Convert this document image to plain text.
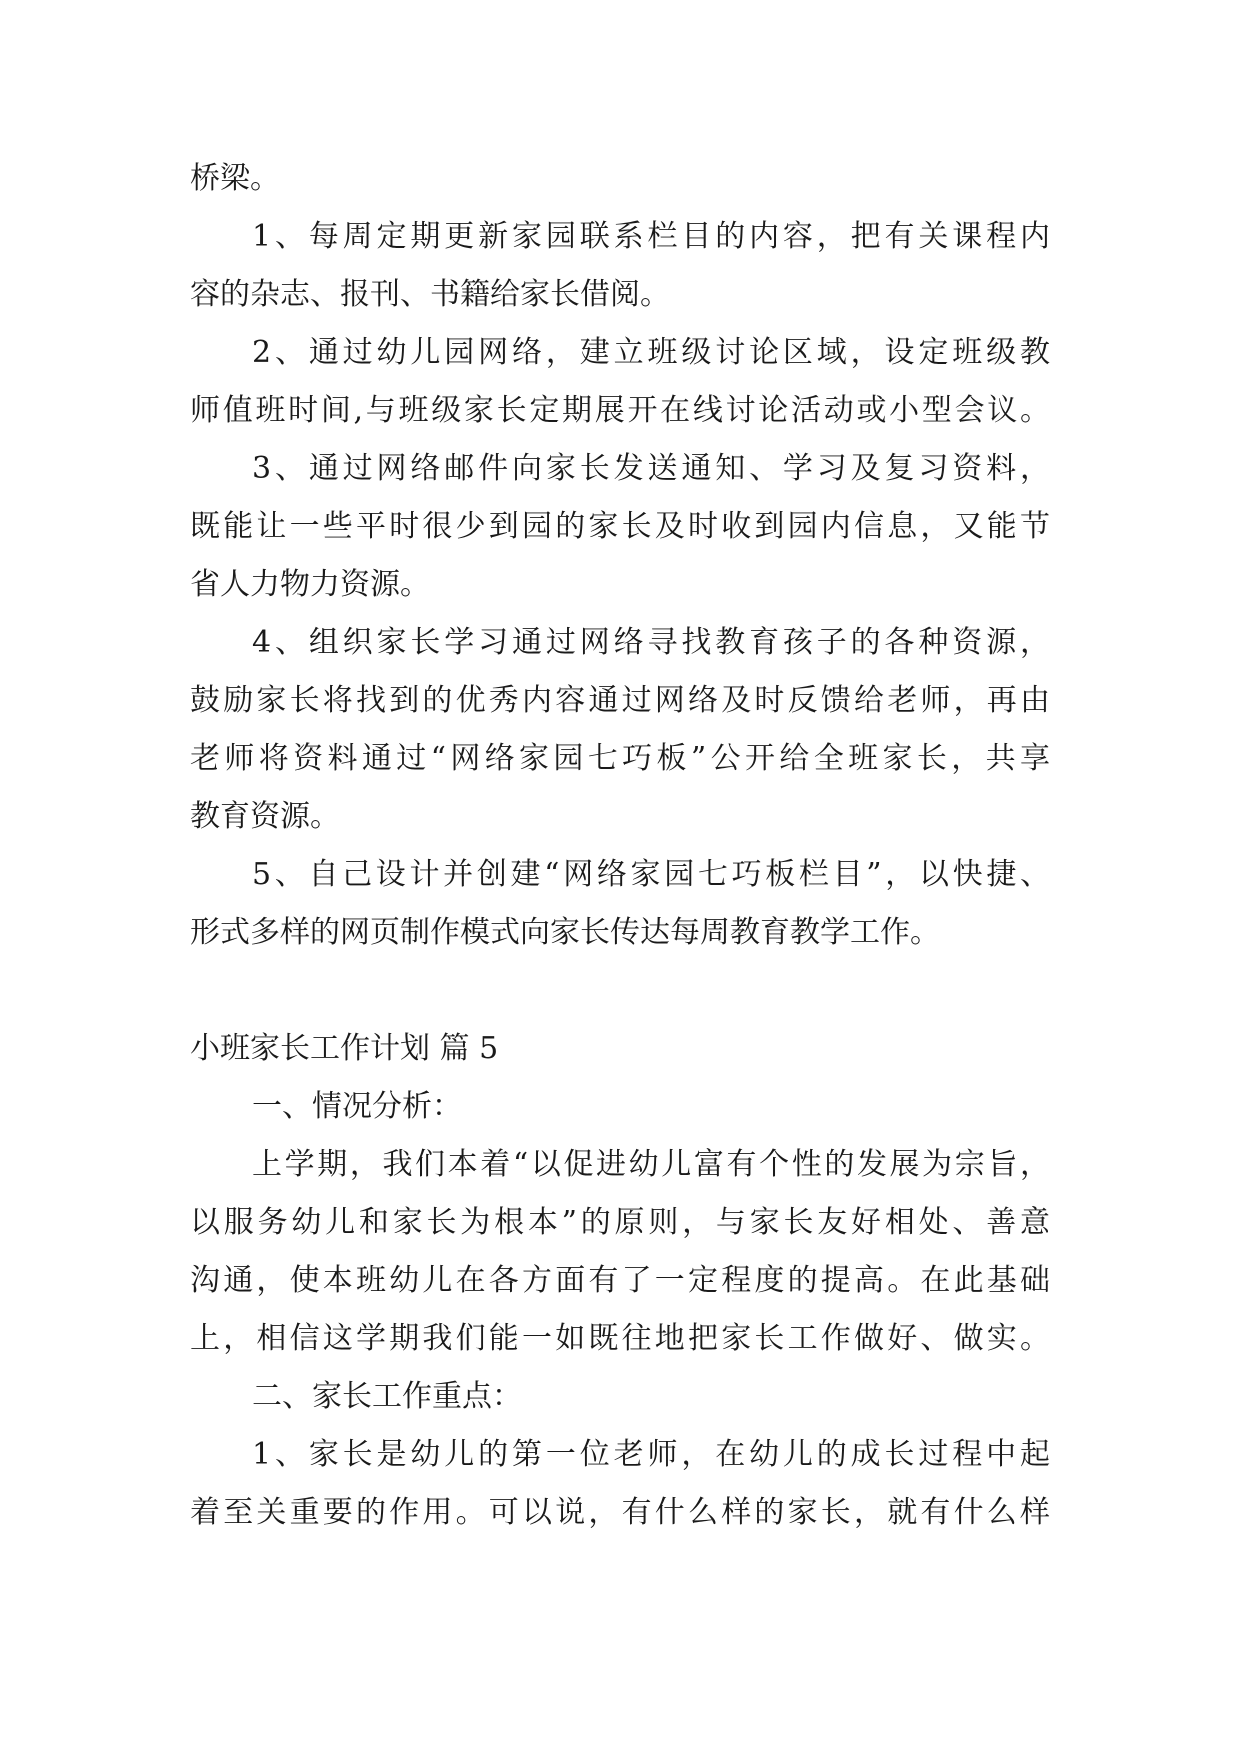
桥梁。
1、每周定期更新家园联系栏目的内容，把有关课程内
容的杂志、报刊、书籍给家长借阅。
2、通过幼儿园网络，建立班级讨论区域，设定班级教
师值班时间,与班级家长定期展开在线讨论活动或小型会议。
3、通过网络邮件向家长发送通知、学习及复习资料，
既能让一些平时很少到园的家长及时收到园内信息，又能节
省人力物力资源。
4、组织家长学习通过网络寻找教育孩子的各种资源，
鼓励家长将找到的优秀内容通过网络及时反馈给老师，再由
老师将资料通过“网络家园七巧板”公开给全班家长，共享
教育资源。
5、自己设计并创建“网络家园七巧板栏目”，以快捷、
形式多样的网页制作模式向家长传达每周教育教学工作。
小班家长工作计划 篇 5
一、情况分析：
上学期，我们本着“以促进幼儿富有个性的发展为宗旨，
以服务幼儿和家长为根本”的原则，与家长友好相处、善意
沟通，使本班幼儿在各方面有了一定程度的提高。在此基础
上，相信这学期我们能一如既往地把家长工作做好、做实。
二、家长工作重点：
1、家长是幼儿的第一位老师，在幼儿的成长过程中起
着至关重要的作用。可以说，有什么样的家长，就有什么样
